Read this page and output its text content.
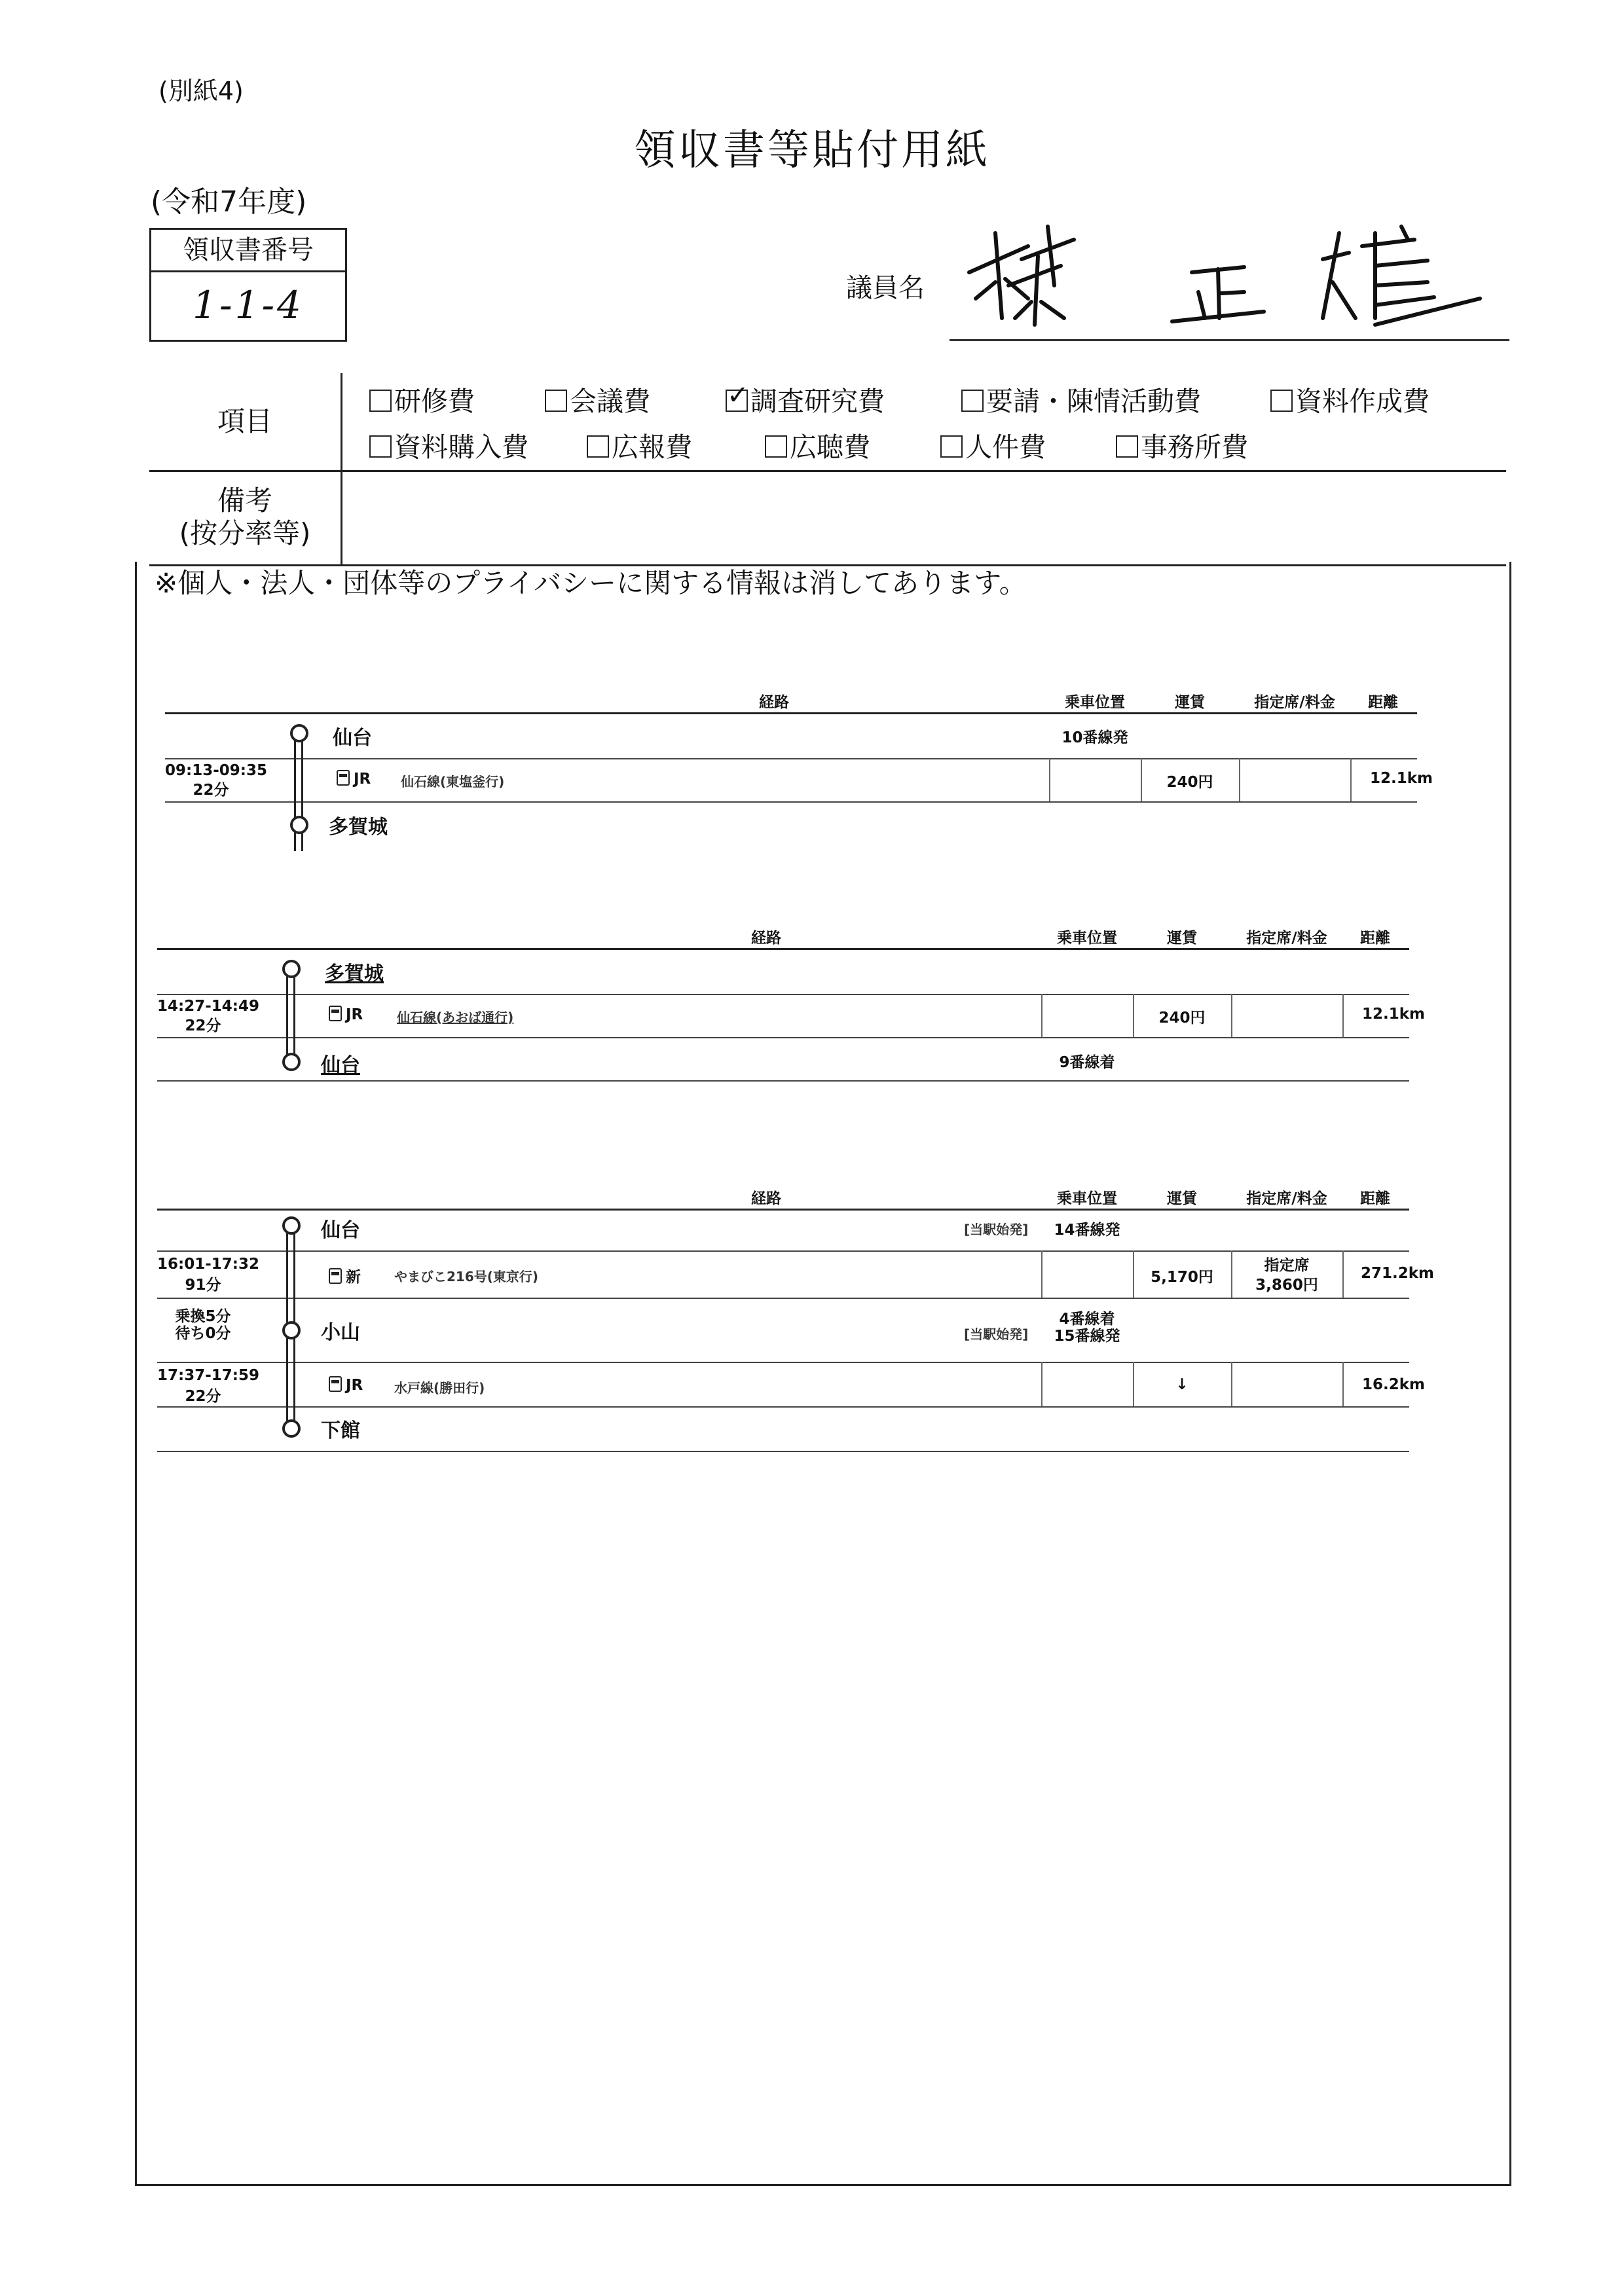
(別紙4)
領収書等貼付用紙
(令和7年度)
領収書番号
1-1-4	議員名
項目
研修費	会議費
✓	調査研究費	要請・陳情活動費	資料作成費
資料購入費	広報費	広聴費	人件費	事務所費
備考
(按分率等)
※個人・法人・団体等のプライバシーに関する情報は消してあります。
経路	乗車位置	運賃	指定席/料金	距離
仙台	10番線発
09:13-09:35
22分
JR 仙石線(東塩釜行)	240円	12.1km
多賀城
経路	乗車位置	運賃	指定席/料金	距離
多賀城
14:27-14:49
22分
JR	仙石線(あおば通行)	240円	12.1km
仙台	9番線着
経路	乗車位置	運賃	指定席/料金	距離
仙台	[当駅始発]	14番線発
16:01-17:32
91分	新	やまびこ216号(東京行)	5,170円
指定席
3,860円
271.2km
乗換5分
待ち0分	小山	[当駅始発]
4番線着
15番線発
17:37-17:59
22分
JR 水戸線(勝田行)	↓	16.2km
下館
